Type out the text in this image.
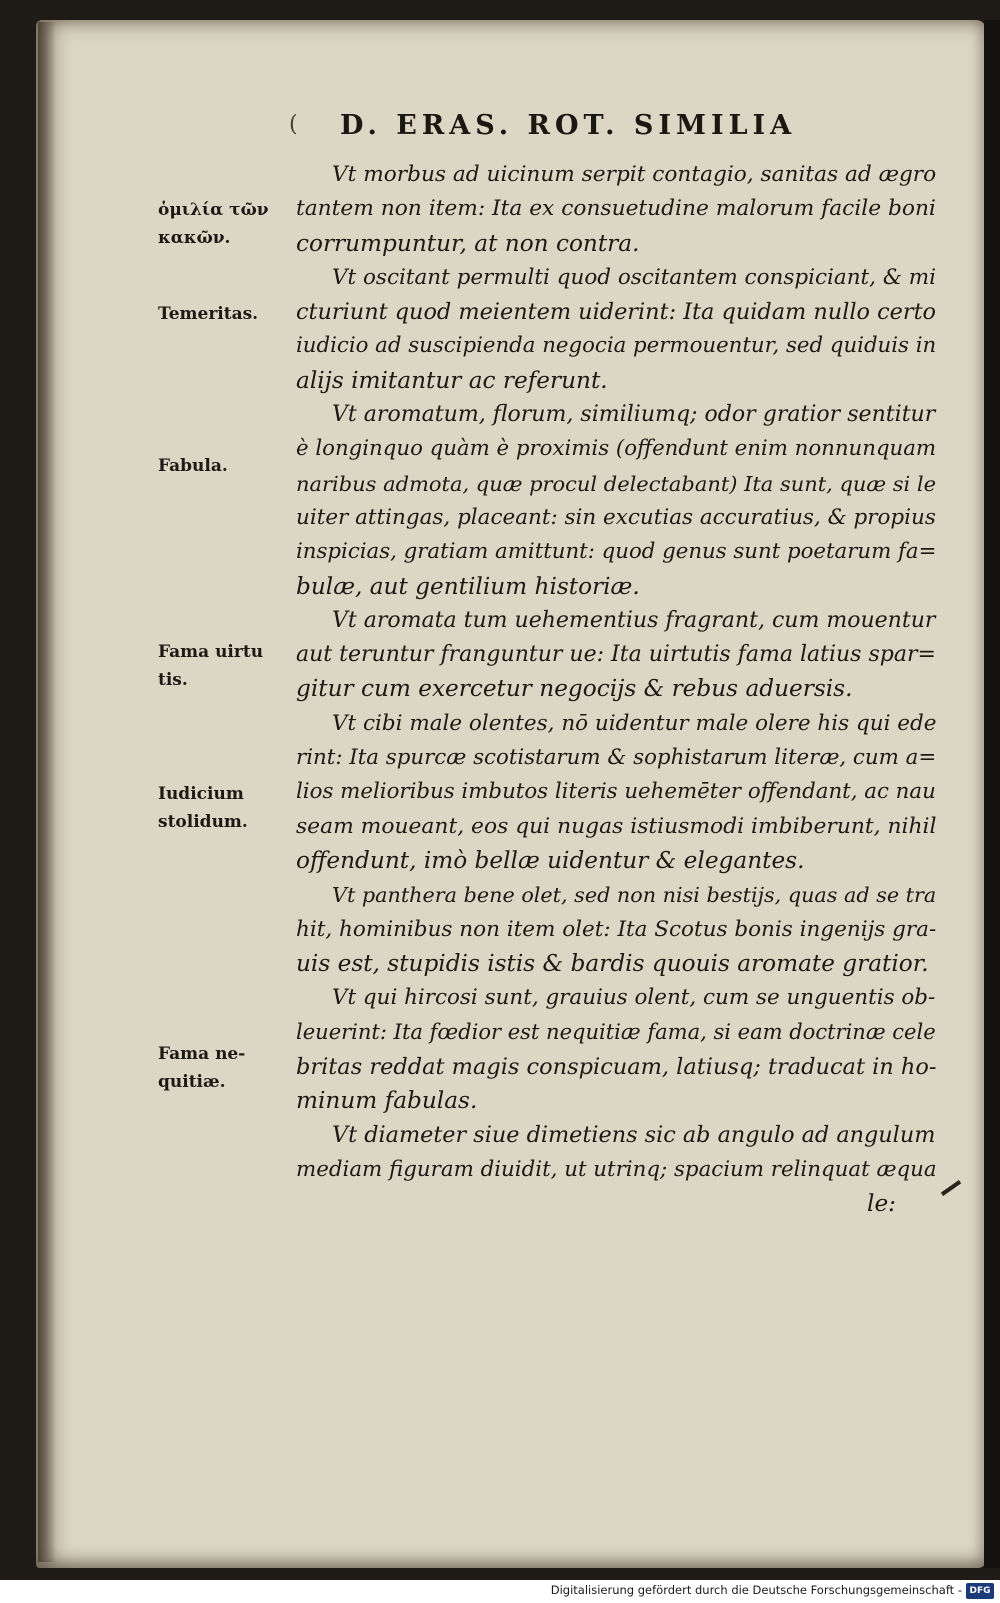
( D. ERAS. ROT. SIMILIA
Vt morbus ad uicinum serpit contagio, sanitas ad ægro
tantem non item: Ita ex consuetudine malorum facile boni
corrumpuntur, at non contra.
Vt oscitant permulti quod oscitantem conspiciant, & mi
cturiunt quod meientem uiderint: Ita quidam nullo certo
iudicio ad suscipienda negocia permouentur, sed quiduis in
alijs imitantur ac referunt.
Vt aromatum, florum, similiumq; odor gratior sentitur
è longinquo quàm è proximis (offendunt enim nonnunquam
naribus admota, quæ procul delectabant) Ita sunt, quæ si le
uiter attingas, placeant: sin excutias accuratius, & propius
inspicias, gratiam amittunt: quod genus sunt poetarum fa=
bulæ, aut gentilium historiæ.
Vt aromata tum uehementius fragrant, cum mouentur
aut teruntur franguntur ue: Ita uirtutis fama latius spar=
gitur cum exercetur negocijs & rebus aduersis.
Vt cibi male olentes, nō uidentur male olere his qui ede
rint: Ita spurcæ scotistarum & sophistarum literæ, cum a=
lios melioribus imbutos literis uehemēter offendant, ac nau
seam moueant, eos qui nugas istiusmodi imbiberunt, nihil
offendunt, imò bellæ uidentur & elegantes.
Vt panthera bene olet, sed non nisi bestijs, quas ad se tra
hit, hominibus non item olet: Ita Scotus bonis ingenijs gra-
uis est, stupidis istis & bardis quouis aromate gratior.
Vt qui hircosi sunt, grauius olent, cum se unguentis ob-
leuerint: Ita fœdior est nequitiæ fama, si eam doctrinæ cele
britas reddat magis conspicuam, latiusq; traducat in ho-
minum fabulas.
Vt diameter siue dimetiens sic ab angulo ad angulum
mediam figuram diuidit, ut utrinq; spacium relinquat æqua
le:
ὁμιλία τῶν
κακῶν.
Temeritas.
Fabula.
Fama uirtu
tis.
Iudicium
stolidum.
Fama ne-
quitiæ.
Digitalisierung gefördert durch die Deutsche Forschungsgemeinschaft - DFG
